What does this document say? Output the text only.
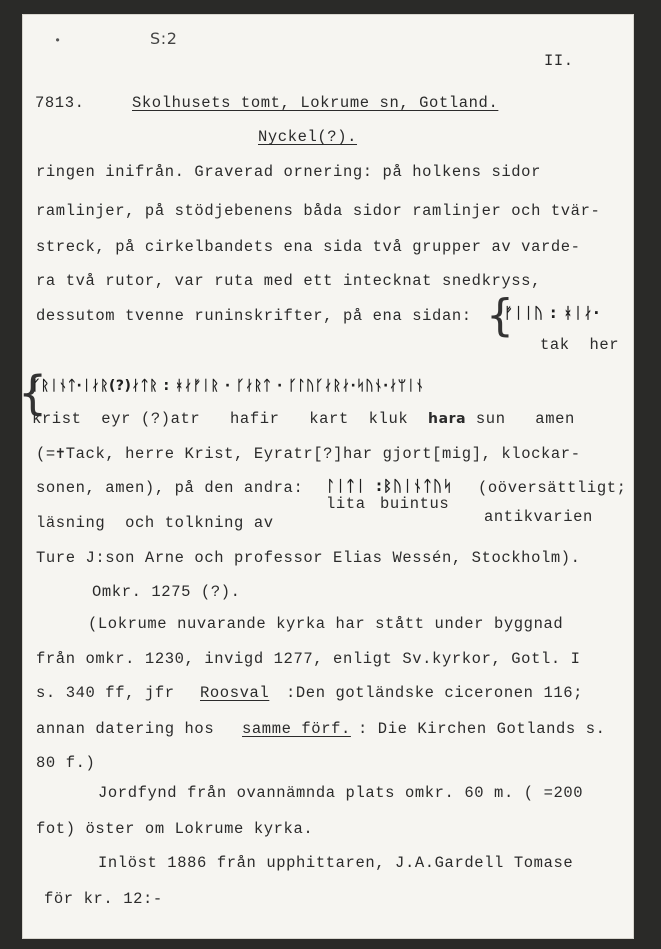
•	S:2
II.
7813.	Skolhusets tomt, Lokrume sn, Gotland.
Nyckel(?).
ringen inifrån. Graverad ornering: på holkens sidor
ramlinjer, på stödjebenens båda sidor ramlinjer och tvär-
streck, på cirkelbandets ena sida två grupper av varde-
ra två rutor, var ruta med ett intecknat snedkryss,
dessutom tvenne runinskrifter, på ena sidan: {
ᚠᛁᛁᚢ : ᚼᛁᛅ·
tak  her
{
ᚴᚱᛁᚾᛏ·ᛁᛅᚱ(?)ᛅᛏᚱ : ᚼᛅᚠᛁᚱ · ᚴᛅᚱᛏ · ᚴᛚᚢᚴᛅᚱᛅ·ᛋᚢᚾ·ᛅᛘᛁᚾ
krist  eyr (?)atr   hafir   kart  kluk hara sun   amen
(=✝Tack, herre Krist, Eyratr[?]har gjort[mig], klockar-
sonen, amen), på den andra: ᛚᛁᛏᛁ :ᛒᚢᛁᚾᛏᚢᛋ (oöversättligt;
lita buintus
läsning  och tolkning av	antikvarien
Ture J:son Arne och professor Elias Wessén, Stockholm).
Omkr. 1275 (?).
(Lokrume nuvarande kyrka har stått under byggnad
från omkr. 1230, invigd 1277, enligt Sv.kyrkor, Gotl. I
s. 340 ff, jfr Roosval :Den gotländske ciceronen 116;
annan datering hos samme förf. : Die Kirchen Gotlands s.
80 f.)
Jordfynd från ovannämnda plats omkr. 60 m. ( =200
fot) öster om Lokrume kyrka.
Inlöst 1886 från upphittaren, J.A.Gardell Tomase
för kr. 12:-
